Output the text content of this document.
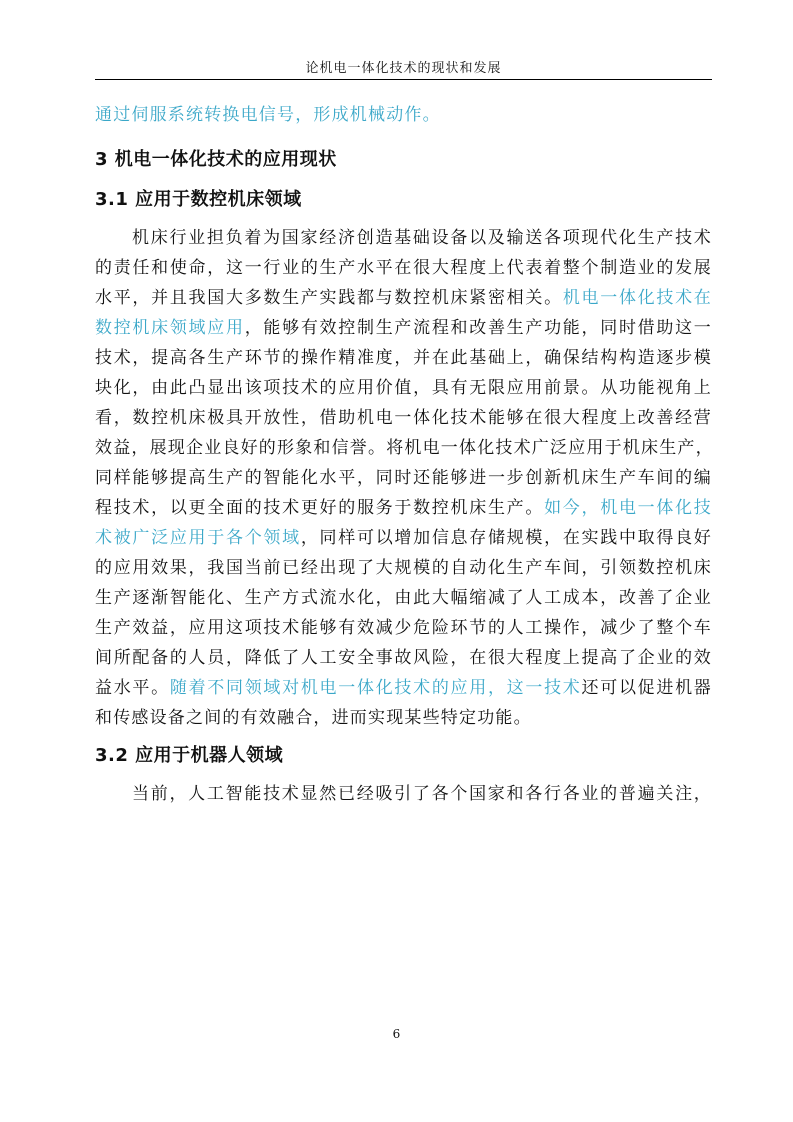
论机电一体化技术的现状和发展
通过伺服系统转换电信号，形成机械动作。
3 机电一体化技术的应用现状
3.1 应用于数控机床领域
机床行业担负着为国家经济创造基础设备以及输送各项现代化生产技术
的责任和使命，这一行业的生产水平在很大程度上代表着整个制造业的发展
水平，并且我国大多数生产实践都与数控机床紧密相关。机电一体化技术在
数控机床领域应用，能够有效控制生产流程和改善生产功能，同时借助这一
技术，提高各生产环节的操作精准度，并在此基础上，确保结构构造逐步模
块化，由此凸显出该项技术的应用价值，具有无限应用前景。从功能视角上
看，数控机床极具开放性，借助机电一体化技术能够在很大程度上改善经营
效益，展现企业良好的形象和信誉。将机电一体化技术广泛应用于机床生产，
同样能够提高生产的智能化水平，同时还能够进一步创新机床生产车间的编
程技术，以更全面的技术更好的服务于数控机床生产。如今，机电一体化技
术被广泛应用于各个领域，同样可以增加信息存储规模，在实践中取得良好
的应用效果，我国当前已经出现了大规模的自动化生产车间，引领数控机床
生产逐渐智能化、生产方式流水化，由此大幅缩减了人工成本，改善了企业
生产效益，应用这项技术能够有效减少危险环节的人工操作，减少了整个车
间所配备的人员，降低了人工安全事故风险，在很大程度上提高了企业的效
益水平。随着不同领域对机电一体化技术的应用，这一技术还可以促进机器
和传感设备之间的有效融合，进而实现某些特定功能。
3.2 应用于机器人领域
当前，人工智能技术显然已经吸引了各个国家和各行各业的普遍关注，
6
